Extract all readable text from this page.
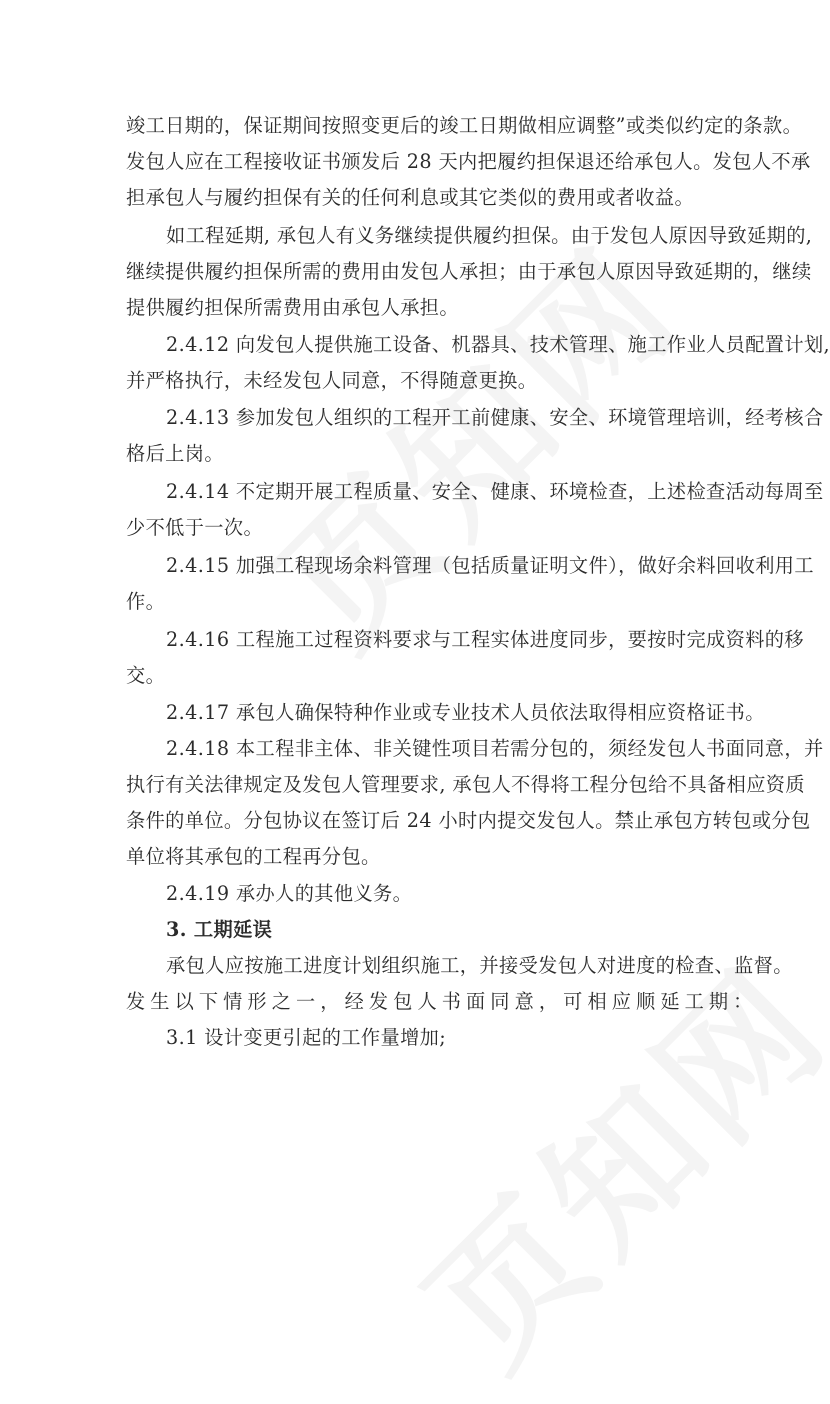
竣工日期的，保证期间按照变更后的竣工日期做相应调整”或类似约定的条款。
发包人应在工程接收证书颁发后 28 天内把履约担保退还给承包人。发包人不承
担承包人与履约担保有关的任何利息或其它类似的费用或者收益。
如工程延期, 承包人有义务继续提供履约担保。由于发包人原因导致延期的,
继续提供履约担保所需的费用由发包人承担；由于承包人原因导致延期的，继续
提供履约担保所需费用由承包人承担。
2.4.12 向发包人提供施工设备、机器具、技术管理、施工作业人员配置计划,
并严格执行，未经发包人同意，不得随意更换。
2.4.13 参加发包人组织的工程开工前健康、安全、环境管理培训，经考核合
格后上岗。
2.4.14 不定期开展工程质量、安全、健康、环境检查，上述检查活动每周至
少不低于一次。
2.4.15 加强工程现场余料管理（包括质量证明文件），做好余料回收利用工
作。
2.4.16 工程施工过程资料要求与工程实体进度同步，要按时完成资料的移
交。
2.4.17 承包人确保特种作业或专业技术人员依法取得相应资格证书。
2.4.18 本工程非主体、非关键性项目若需分包的，须经发包人书面同意，并
执行有关法律规定及发包人管理要求, 承包人不得将工程分包给不具备相应资质
条件的单位。分包协议在签订后 24 小时内提交发包人。禁止承包方转包或分包
单位将其承包的工程再分包。
2.4.19 承办人的其他义务。
3. 工期延误
承包人应按施工进度计划组织施工，并接受发包人对进度的检查、监督。
发生以下情形之一，经发包人书面同意，可相应顺延工期：
3.1 设计变更引起的工作量增加;
